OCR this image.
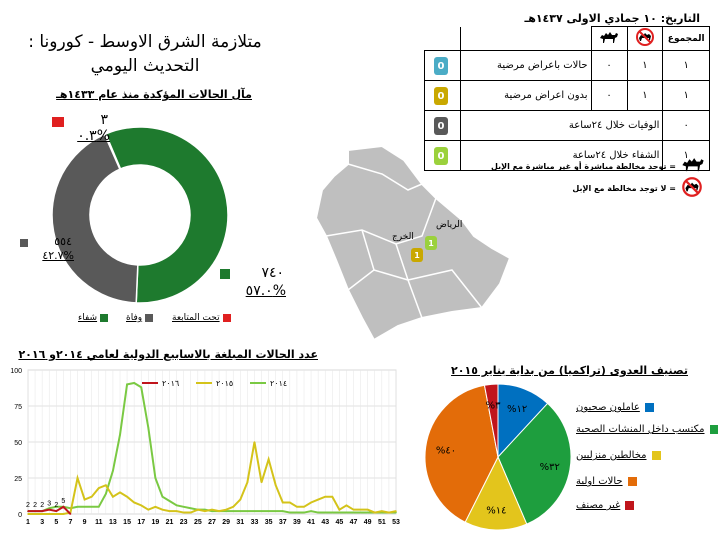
متلازمة الشرق الاوسط - كورونا :
التحديث اليومي
التاريخ: ١٠ جمادي الاولى ١٤٣٧هـ
				المجموع

0	حالات باعراض مرضية	٠	١	١

0	بدون اعراض مرضية	٠	١	١

0	الوفيات خلال ٢٤ساعة			٠

0	الشفاء خلال ٢٤ساعة			١
= توجد مخالطة مباشرة أو غير مباشرة مع الإبل
= لا توجد مخالطة مع الإبل
الرياض
الخرج
1
1
مآل الحالات المؤكدة منذ عام ١٤٣٣هـ
٣
%٠.٣
٥٥٤
%٤٢.٧
٧٤٠
%٥٧.٠
شفاء	وفاة	تحت المتابعة
عدد الحالات المبلغة بالاسابيع الدولية لعامي ٢٠١٤و ٢٠١٦
0
25
50
75
100
1 3 5 7 9 11 13 15 17 19 21 23 25 27 29 31 33 35 37 39 41 43 45 47 49 51 53
٢٠١٤
٢٠١٥
٢٠١٦
2 2 2 3 2
5
تصنيف العدوى (تراكميا) من بداية يناير ٢٠١٥
%١٢
%٣٢
%١٤
%٤٠
%٣	عاملون صحيون
مكتسب داخل المنشات الصحية
مخالطين منزليين
حالات اولية
غير مصنف
